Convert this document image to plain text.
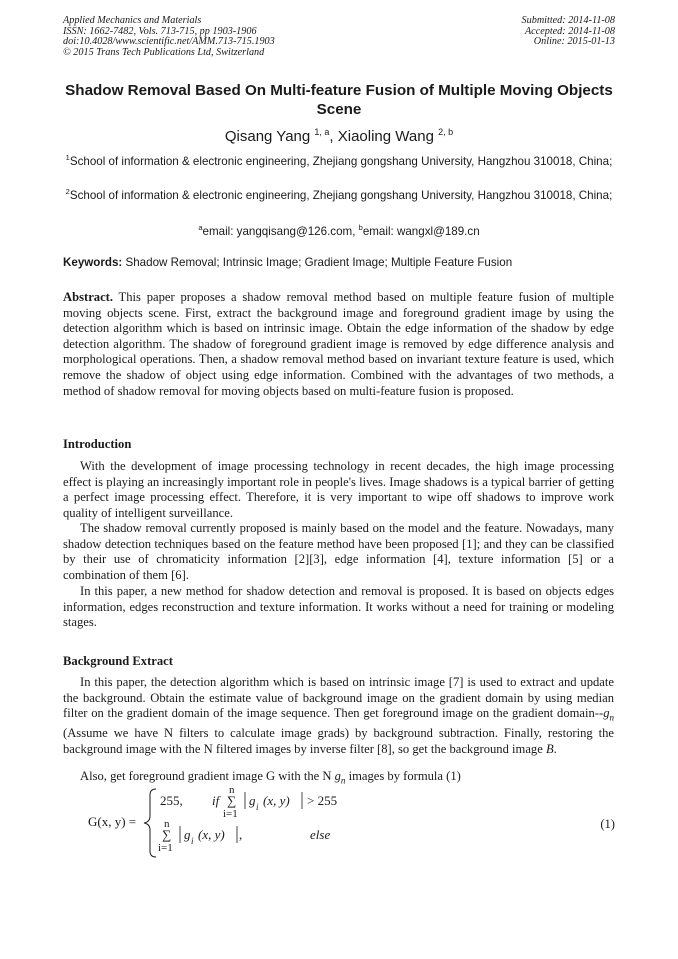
Applied Mechanics and Materials
ISSN: 1662-7482, Vols. 713-715, pp 1903-1906
doi:10.4028/www.scientific.net/AMM.713-715.1903
© 2015 Trans Tech Publications Ltd, Switzerland
Submitted: 2014-11-08
Accepted: 2014-11-08
Online: 2015-01-13
Shadow Removal Based On Multi-feature Fusion of Multiple Moving Objects Scene
Qisang Yang $^{1, a}$, Xiaoling Wang $^{2, b}$
$^1$School of information & electronic engineering, Zhejiang gongshang University, Hangzhou 310018, China;
$^2$School of information & electronic engineering, Zhejiang gongshang University, Hangzhou 310018, China;
$^a$email: yangqisang@126.com, $^b$email: wangxl@189.cn
Keywords: Shadow Removal; Intrinsic Image; Gradient Image; Multiple Feature Fusion
Abstract. This paper proposes a shadow removal method based on multiple feature fusion of multiple moving objects scene. First, extract the background image and foreground gradient image by using the detection algorithm which is based on intrinsic image. Obtain the edge information of the shadow by edge detection algorithm. The shadow of foreground gradient image is removed by edge difference analysis and morphological operations. Then, a shadow removal method based on invariant texture feature is used, which remove the shadow of object using edge information. Combined with the advantages of two methods, a method of shadow removal for moving objects based on multi-feature fusion is proposed.
Introduction
With the development of image processing technology in recent decades, the high image processing effect is playing an increasingly important role in people's lives. Image shadows is a typical barrier of getting a perfect image processing effect. Therefore, it is very important to wipe off shadows to improve work quality of intelligent surveillance.
The shadow removal currently proposed is mainly based on the model and the feature. Nowadays, many shadow detection techniques based on the feature method have been proposed [1]; and they can be classified by their use of chromaticity information [2][3], edge information [4], texture information [5] or a combination of them [6].
In this paper, a new method for shadow detection and removal is proposed. It is based on objects edges information, edges reconstruction and texture information. It works without a need for training or modeling stages.
Background Extract
In this paper, the detection algorithm which is based on intrinsic image [7] is used to extract and update the background. Obtain the estimate value of background image on the gradient domain by using median filter on the gradient domain of the image sequence. Then get foreground image on the gradient domain-$-g_n$ (Assume we have N filters to calculate image grads) by background subtraction. Finally, restoring the background image with the N filtered images by inverse filter [8], so get the background image B.
Also, get foreground gradient image G with the N $g_n$ images by formula (1)
G(x, y) =
255, if
n
∑
i=1
g i (x, y) > 255
n
∑
i=1
g i (x, y) ,	else
(1)
